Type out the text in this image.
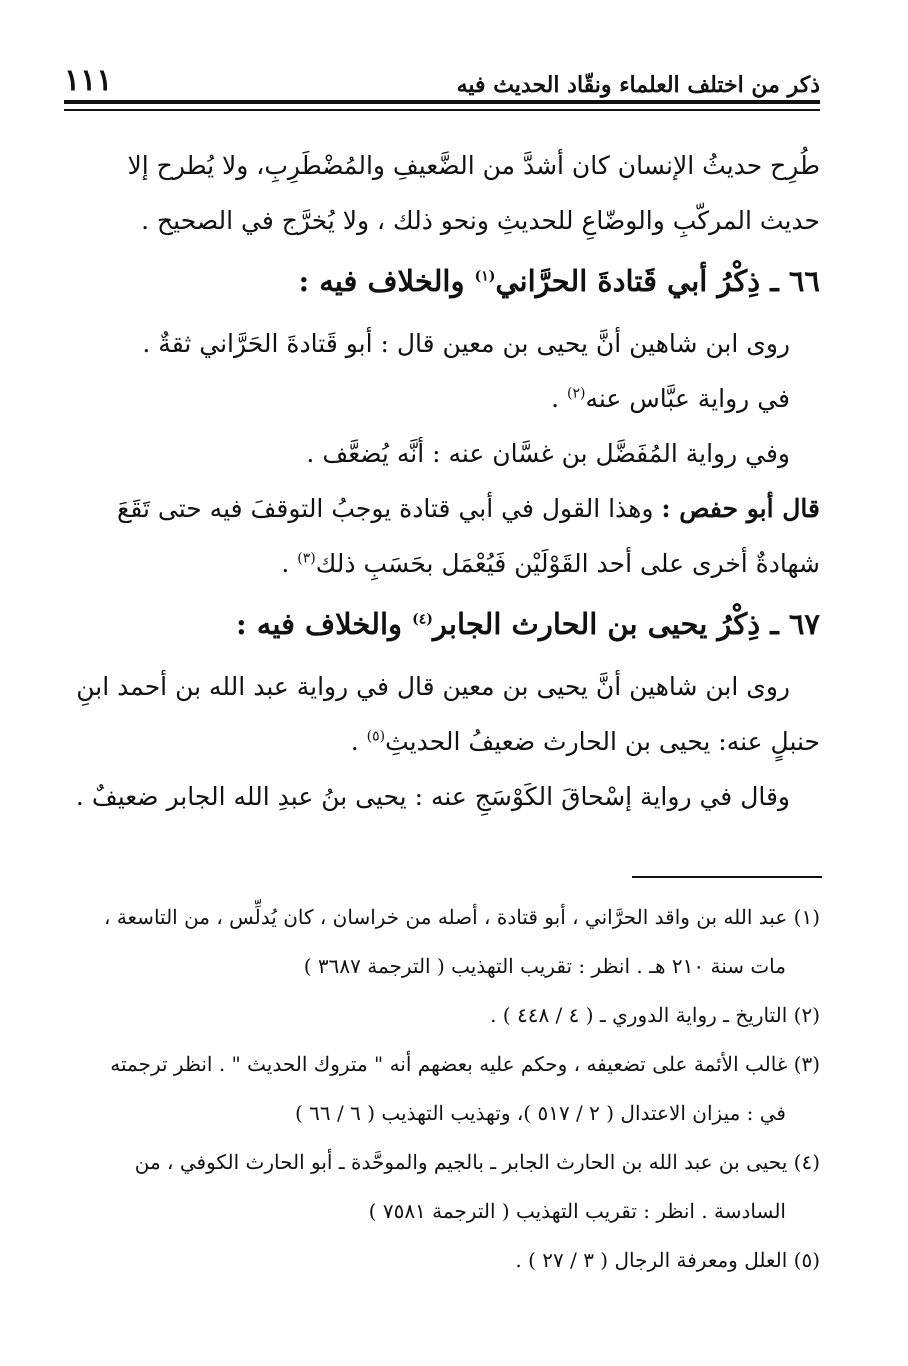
ذكر من اختلف العلماء ونقّاد الحديث فيه
١١١

طُرِح حديثُ الإنسان كان أشدَّ من الضَّعيفِ والمُضْطَرِبِ، ولا يُطرح إلا

حديث المركّبِ والوضّاعِ للحديثِ ونحو ذلك ، ولا يُخرَّج في الصحيح .

٦٦ ـ ذِكْرُ أبي قَتادةَ الحرَّاني$^{(١)}$ والخلاف فيه :

روى ابن شاهين أنَّ يحيى بن معين قال : أبو قَتادةَ الحَرَّاني ثقةٌ .

في رواية عبَّاس عنه$^{(٢)}$ .

وفي رواية المُفَضَّل بن غسَّان عنه : أنَّه يُضعَّف .

قال أبو حفص : وهذا القول في أبي قتادة يوجبُ التوقفَ فيه حتى تَقَعَ

شهادةٌ أخرى على أحد القَوْلَيْن فَيُعْمَل بحَسَبِ ذلك$^{(٣)}$ .

٦٧ ـ ذِكْرُ يحيى بن الحارث الجابر$^{(٤)}$ والخلاف فيه :

روى ابن شاهين أنَّ يحيى بن معين قال في رواية عبد الله بن أحمد ابنِ

حنبلٍ عنه: يحيى بن الحارث ضعيفُ الحديثِ$^{(٥)}$ .

وقال في رواية إسْحاقَ الكَوْسَجِ عنه : يحيى بنُ عبدِ الله الجابر ضعيفٌ .

(١) عبد الله بن واقد الحرَّاني ، أبو قتادة ، أصله من خراسان ، كان يُدلِّس ، من التاسعة ،

مات سنة ٢١٠ هـ . انظر : تقريب التهذيب ( الترجمة ٣٦٨٧ )

(٢) التاريخ ـ رواية الدوري ـ ( ٤ / ٤٤٨ ) .

(٣) غالب الأئمة على تضعيفه ، وحكم عليه بعضهم أنه " متروك الحديث " . انظر ترجمته

في : ميزان الاعتدال ( ٢ / ٥١٧ )، وتهذيب التهذيب ( ٦ / ٦٦ )

(٤) يحيى بن عبد الله بن الحارث الجابر ـ بالجيم والموحَّدة ـ أبو الحارث الكوفي ، من

السادسة . انظر : تقريب التهذيب ( الترجمة ٧٥٨١ )

(٥) العلل ومعرفة الرجال ( ٣ / ٢٧ ) .
